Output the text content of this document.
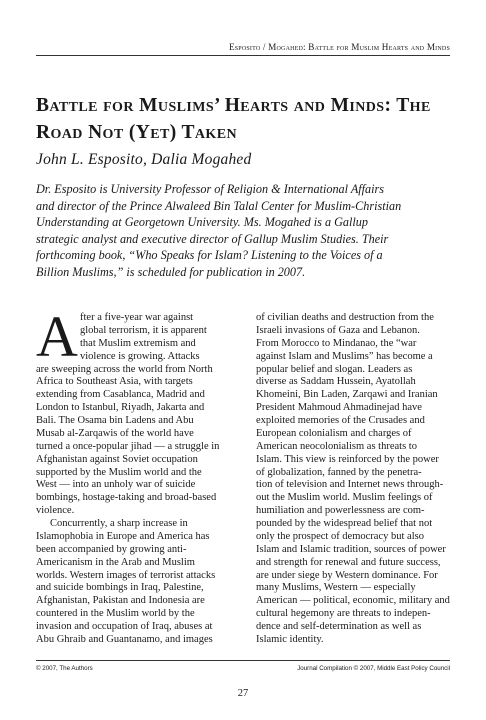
Esposito / Mogahed: Battle for Muslim Hearts and Minds
Battle for Muslims’ Hearts and Minds: The
Road Not (Yet) Taken
John L. Esposito, Dalia Mogahed
Dr. Esposito is University Professor of Religion & International Affairs
and director of the Prince Alwaleed Bin Talal Center for Muslim-Christian
Understanding at Georgetown University. Ms. Mogahed is a Gallup
strategic analyst and executive director of Gallup Muslim Studies. Their
forthcoming book, “Who Speaks for Islam? Listening to the Voices of a
Billion Muslims,” is scheduled for publication in 2007.
A fter a five-year war against
global terrorism, it is apparent
that Muslim extremism and
violence is growing. Attacks
are sweeping across the world from North
Africa to Southeast Asia, with targets
extending from Casablanca, Madrid and
London to Istanbul, Riyadh, Jakarta and
Bali. The Osama bin Ladens and Abu
Musab al-Zarqawis of the world have
turned a once-popular jihad — a struggle in
Afghanistan against Soviet occupation
supported by the Muslim world and the
West — into an unholy war of suicide
bombings, hostage-taking and broad-based
violence.
Concurrently, a sharp increase in
Islamophobia in Europe and America has
been accompanied by growing anti-
Americanism in the Arab and Muslim
worlds. Western images of terrorist attacks
and suicide bombings in Iraq, Palestine,
Afghanistan, Pakistan and Indonesia are
countered in the Muslim world by the
invasion and occupation of Iraq, abuses at
Abu Ghraib and Guantanamo, and images
of civilian deaths and destruction from the
Israeli invasions of Gaza and Lebanon.
From Morocco to Mindanao, the “war
against Islam and Muslims” has become a
popular belief and slogan. Leaders as
diverse as Saddam Hussein, Ayatollah
Khomeini, Bin Laden, Zarqawi and Iranian
President Mahmoud Ahmadinejad have
exploited memories of the Crusades and
European colonialism and charges of
American neocolonialism as threats to
Islam. This view is reinforced by the power
of globalization, fanned by the penetra-
tion of television and Internet news through-
out the Muslim world. Muslim feelings of
humiliation and powerlessness are com-
pounded by the widespread belief that not
only the prospect of democracy but also
Islam and Islamic tradition, sources of power
and strength for renewal and future success,
are under siege by Western dominance. For
many Muslims, Western — especially
American — political, economic, military and
cultural hegemony are threats to indepen-
dence and self-determination as well as
Islamic identity.
© 2007, The Authors	Journal Compilation © 2007, Middle East Policy Council
27
